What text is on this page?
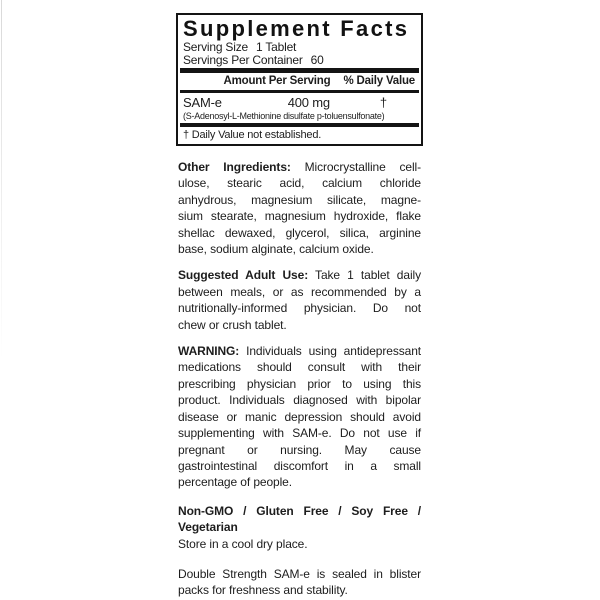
Supplement Facts
Serving Size 1 Tablet
Servings Per Container 60
Amount Per Serving % Daily Value
SAM-e	400 mg	†
(S-Adenosyl-L-Methionine disulfate p-toluensulfonate)
† Daily Value not established.
Other Ingredients: Microcrystalline cell-
ulose, stearic acid, calcium chloride
anhydrous, magnesium silicate, magne-
sium stearate, magnesium hydroxide, flake
shellac dewaxed, glycerol, silica, arginine
base, sodium alginate, calcium oxide.
Suggested Adult Use: Take 1 tablet daily
between meals, or as recommended by a
nutritionally-informed physician. Do not
chew or crush tablet.
WARNING: Individuals using antidepressant
medications should consult with their
prescribing physician prior to using this
product. Individuals diagnosed with bipolar
disease or manic depression should avoid
supplementing with SAM-e. Do not use if
pregnant or nursing. May cause
gastrointestinal discomfort in a small
percentage of people.
Non-GMO / Gluten Free / Soy Free /
Vegetarian
Store in a cool dry place.
Double Strength SAM-e is sealed in blister
packs for freshness and stability.
